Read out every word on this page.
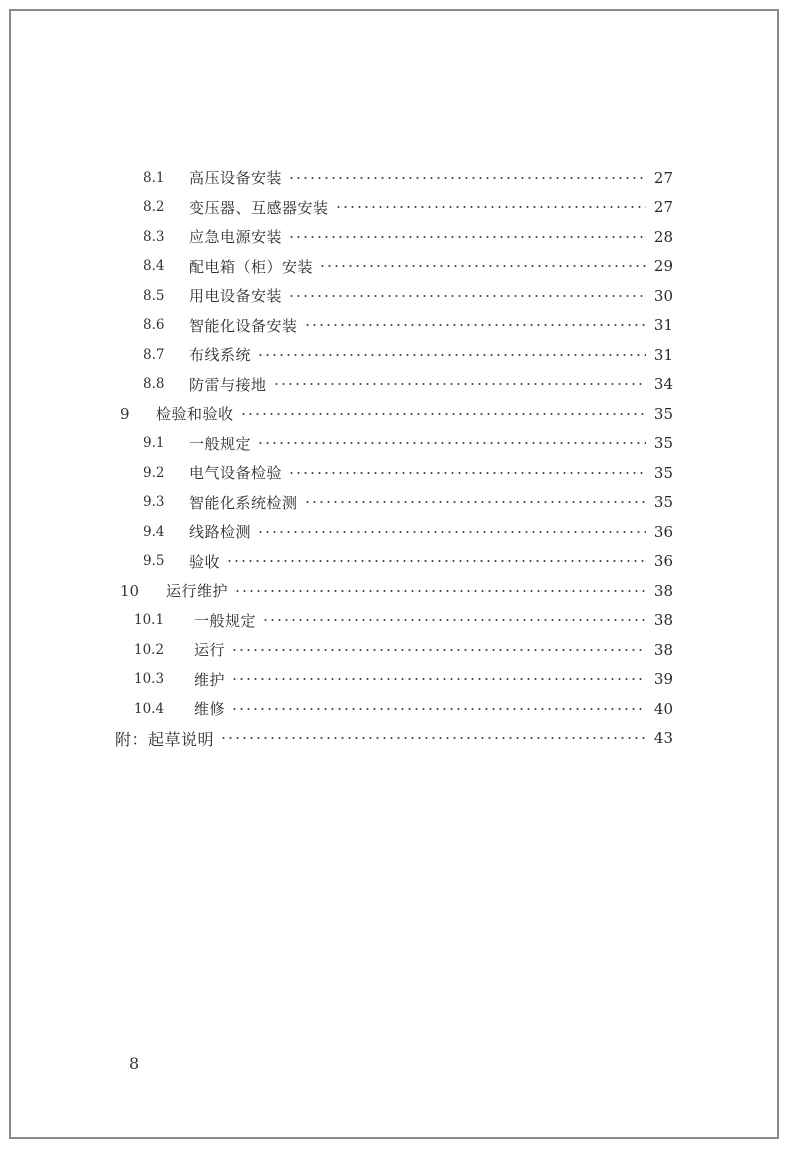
8.1	高压设备安装	27
8.2	变压器、互感器安装	27
8.3	应急电源安装	28
8.4	配电箱（柜）安装	29
8.5	用电设备安装	30
8.6	智能化设备安装	31
8.7	布线系统	31
8.8	防雷与接地	34
9	检验和验收	35
9.1	一般规定	35
9.2	电气设备检验	35
9.3	智能化系统检测	35
9.4	线路检测	36
9.5	验收	36
10	运行维护	38
10.1	一般规定	38
10.2	运行	38
10.3	维护	39
10.4	维修	40
附：起草说明	43
8
